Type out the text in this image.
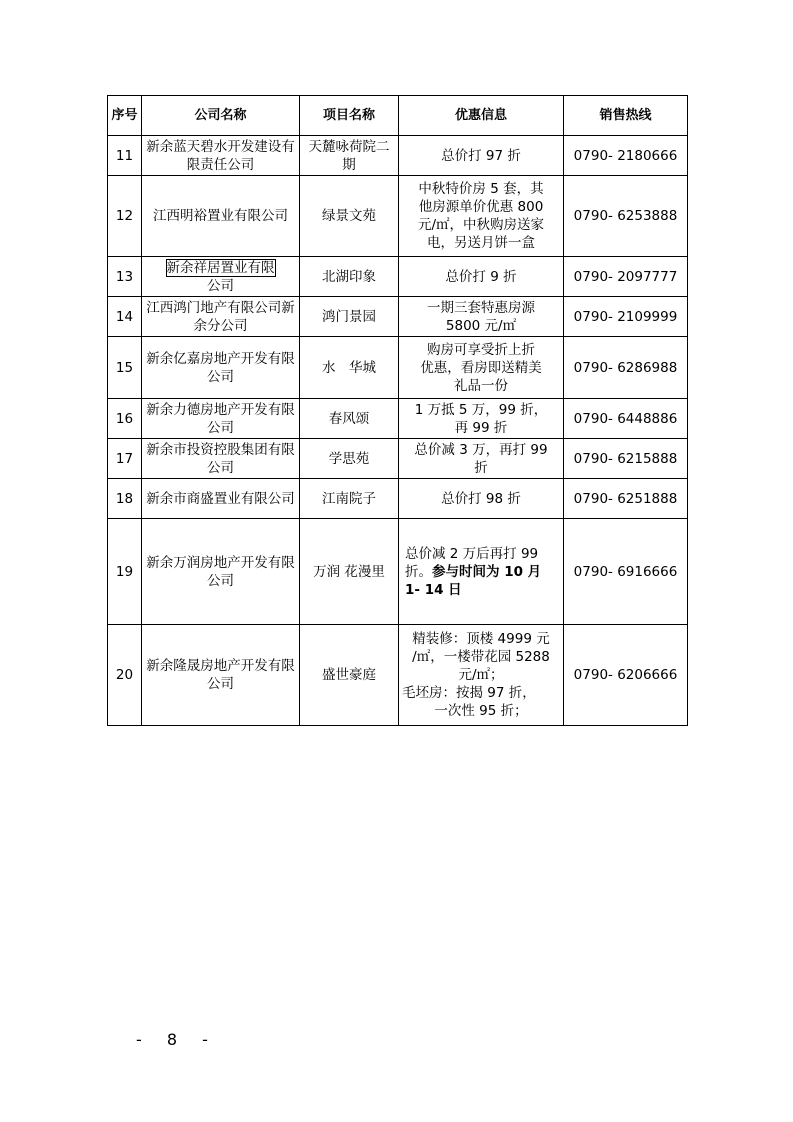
序号	公司名称	项目名称	优惠信息	销售热线
11	新余蓝天碧水开发建设有限责任公司	天麓咏荷院二期	总价打 97 折	0790- 2180666
12	江西明裕置业有限公司	绿景文苑	中秋特价房 5 套，其
他房源单价优惠 800
元/㎡，中秋购房送家
电，另送月饼一盒	0790- 6253888
13	新余祥居置业有限
公司	北湖印象	总价打 9 折	0790- 2097777
14	江西鸿门地产有限公司新余分公司	鸿门景园	一期三套特惠房源
5800 元/㎡	0790- 2109999
15	新余亿嘉房地产开发有限公司	水　华城	购房可享受折上折
优惠，看房即送精美
礼品一份	0790- 6286988
16	新余力德房地产开发有限公司	春风颂	1 万抵 5 万，99 折，
再 99 折	0790- 6448886
17	新余市投资控股集团有限公司	学思苑	总价减 3 万，再打 99
折	0790- 6215888
18	新余市商盛置业有限公司	江南院子	总价打 98 折	0790- 6251888
19	新余万润房地产开发有限公司	万润 花漫里	总价减 2 万后再打 99 折。参与时间为 10 月 1- 14 日	0790- 6916666
20	新余隆晟房地产开发有限公司	盛世豪庭	精装修：顶楼 4999 元
/㎡，一楼带花园 5288
元/㎡；
毛坯房：按揭 97 折，
一次性 95 折；	0790- 6206666
- 8 -
